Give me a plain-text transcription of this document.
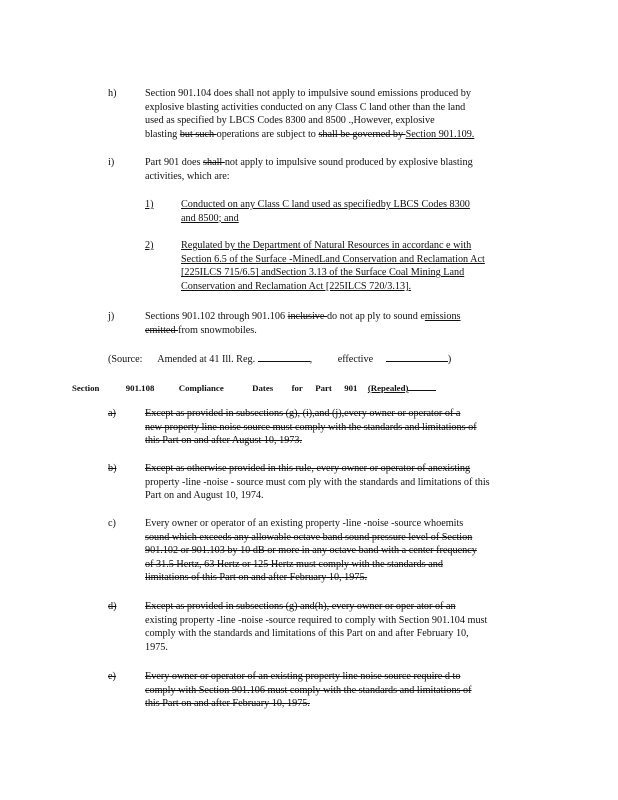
h)	Section 901.104 does shall not apply to impulsive sound emissions produced by
explosive blasting activities conducted on any Class C land other than the land
used as specified by LBCS Codes 8300 and 8500 .,However, explosive
blasting but such operations are subject to shall be governed by Section 901.109.
i)	Part 901 does shall not apply to impulsive sound produced by explosive blasting
activities, which are:
1)	Conducted on any Class C land used as specifiedby LBCS Codes 8300
and 8500; and
2)	Regulated by the Department of Natural Resources in accordanc e with
Section 6.5 of the Surface -MinedLand Conservation and Reclamation Act
[225ILCS 715/6.5] andSection 3.13 of the Surface Coal Mining Land
Conservation and Reclamation Act [225ILCS 720/3.13].
j)	Sections 901.102 through 901.106 inclusive do not ap ply to sound emissions
emitted from snowmobiles.
(Source: Amended at 41 Ill. Reg.	, effective	)
Section	901.108	Compliance	Dates for Part 901 (Repealed)
a)	Except as provided in subsections (g), (i),and (j),every owner or operator of a
new property line noise source must comply with the standards and limitations of
this Part on and after August 10, 1973.
b)	Except as otherwise provided in this rule, every owner or operator of anexisting
property -line -noise - source must com ply with the standards and limitations of this
Part on and August 10, 1974.
c)	Every owner or operator of an existing property -line -noise -source whoemits
sound which exceeds any allowable octave band sound pressure level of Section
901.102 or 901.103 by 10 dB or more in any octave band with a center frequency
of 31.5 Hertz, 63 Hertz or 125 Hertz must comply with the standards and
limitations of this Part on and after February 10, 1975.
d)	Except as provided in subsections (g) and(h), every owner or oper ator of an
existing property -line -noise -source required to comply with Section 901.104 must
comply with the standards and limitations of this Part on and after February 10,
1975.
e)	Every owner or operator of an existing property line noise source require d to
comply with Section 901.106 must comply with the standards and limitations of
this Part on and after February 10, 1975.
